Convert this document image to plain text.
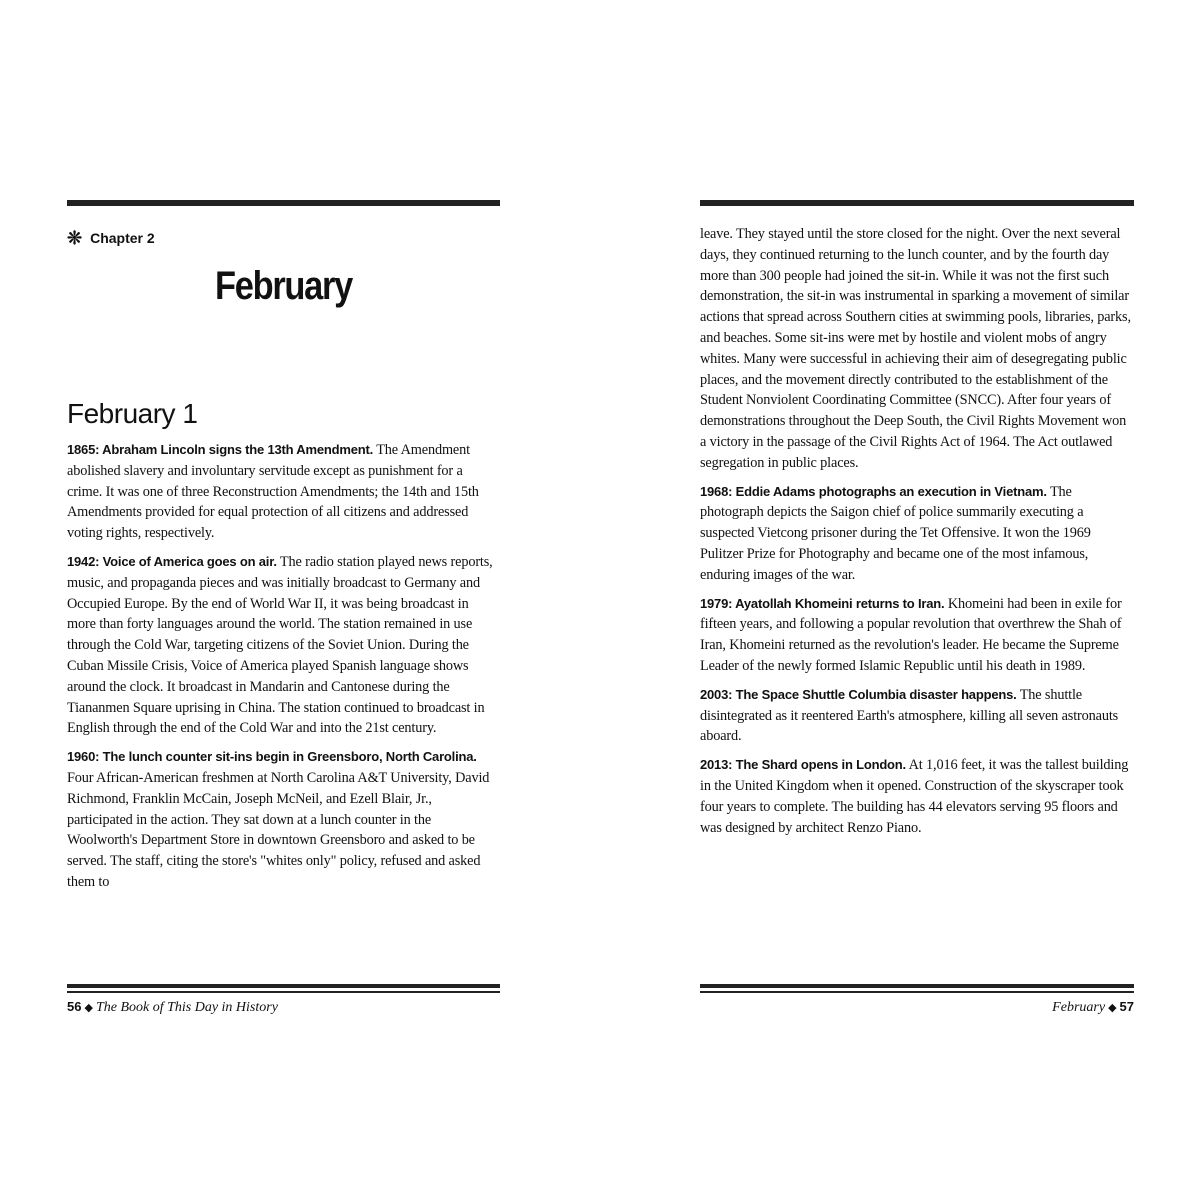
❊ Chapter 2
February
February 1

1865: Abraham Lincoln signs the 13th Amendment. The Amendment abolished slavery and involuntary servitude except as punishment for a crime. It was one of three Reconstruction Amendments; the 14th and 15th Amendments provided for equal protection of all citizens and addressed voting rights, respectively.

1942: Voice of America goes on air. The radio station played news reports, music, and propaganda pieces and was initially broadcast to Germany and Occupied Europe. By the end of World War II, it was being broadcast in more than forty languages around the world. The station remained in use through the Cold War, targeting citizens of the Soviet Union. During the Cuban Missile Crisis, Voice of America played Spanish language shows around the clock. It broadcast in Mandarin and Cantonese during the Tiananmen Square uprising in China. The station continued to broadcast in English through the end of the Cold War and into the 21st century.

1960: The lunch counter sit-ins begin in Greensboro, North Carolina. Four African-American freshmen at North Carolina A&T University, David Richmond, Franklin McCain, Joseph McNeil, and Ezell Blair, Jr., participated in the action. They sat down at a lunch counter in the Woolworth's Department Store in downtown Greensboro and asked to be served. The staff, citing the store's "whites only" policy, refused and asked them to

56 ◆ The Book of This Day in History

leave. They stayed until the store closed for the night. Over the next several days, they continued returning to the lunch counter, and by the fourth day more than 300 people had joined the sit-in. While it was not the first such demonstration, the sit-in was instrumental in sparking a movement of similar actions that spread across Southern cities at swimming pools, libraries, parks, and beaches. Some sit-ins were met by hostile and violent mobs of angry whites. Many were successful in achieving their aim of desegregating public places, and the movement directly contributed to the establishment of the Student Nonviolent Coordinating Committee (SNCC). After four years of demonstrations throughout the Deep South, the Civil Rights Movement won a victory in the passage of the Civil Rights Act of 1964. The Act outlawed segregation in public places.

1968: Eddie Adams photographs an execution in Vietnam. The photograph depicts the Saigon chief of police summarily executing a suspected Vietcong prisoner during the Tet Offensive. It won the 1969 Pulitzer Prize for Photography and became one of the most infamous, enduring images of the war.

1979: Ayatollah Khomeini returns to Iran. Khomeini had been in exile for fifteen years, and following a popular revolution that overthrew the Shah of Iran, Khomeini returned as the revolution's leader. He became the Supreme Leader of the newly formed Islamic Republic until his death in 1989.

2003: The Space Shuttle Columbia disaster happens. The shuttle disintegrated as it reentered Earth's atmosphere, killing all seven astronauts aboard.

2013: The Shard opens in London. At 1,016 feet, it was the tallest building in the United Kingdom when it opened. Construction of the skyscraper took four years to complete. The building has 44 elevators serving 95 floors and was designed by architect Renzo Piano.

February ◆ 57
